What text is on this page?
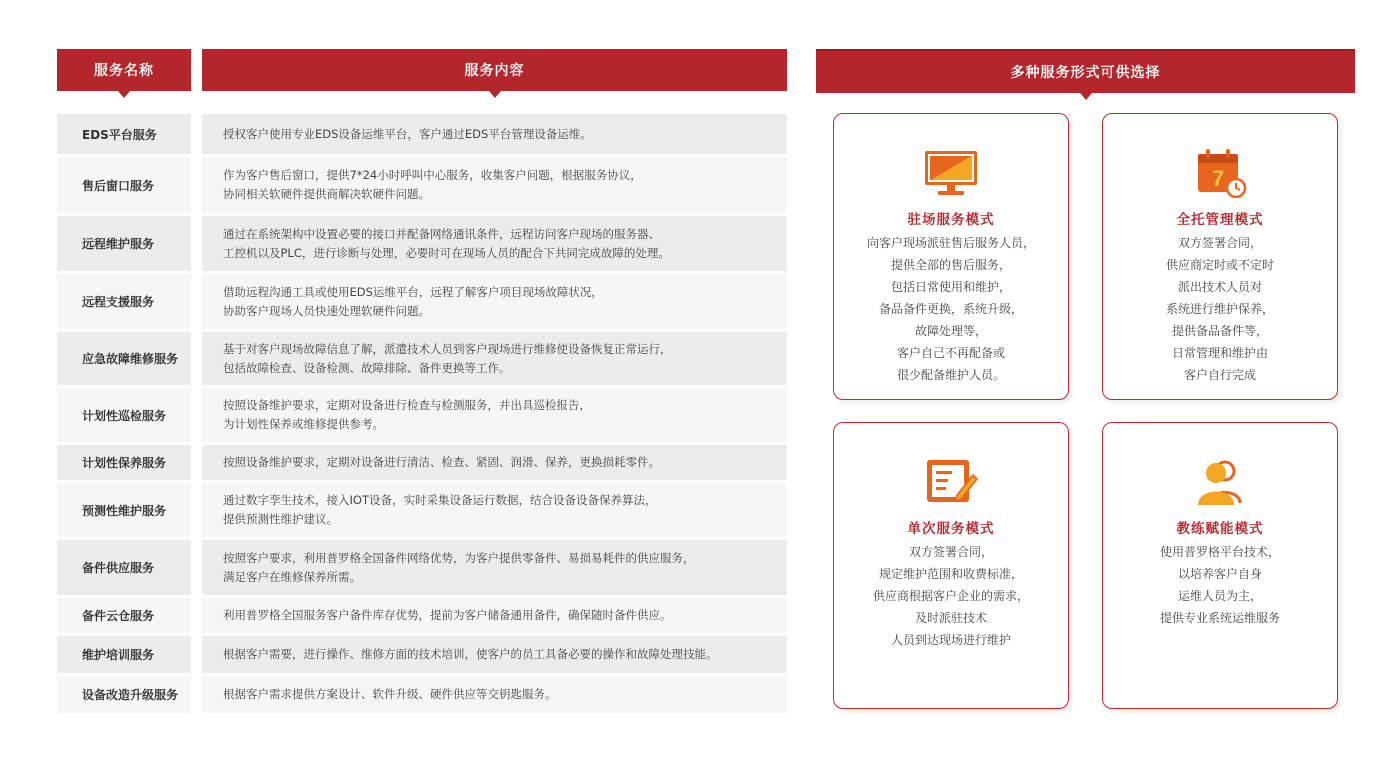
服务名称	服务内容	多种服务形式可供选择
EDS平台服务
售后窗口服务
远程维护服务
远程支援服务
应急故障维修服务
计划性巡检服务
计划性保养服务
预测性维护服务
备件供应服务
备件云仓服务
维护培训服务
设备改造升级服务
授权客户使用专业EDS设备运维平台，客户通过EDS平台管理设备运维。
作为客户售后窗口，提供7*24小时呼叫中心服务，收集客户问题，根据服务协议，
协同相关软硬件提供商解决软硬件问题。
通过在系统架构中设置必要的接口并配备网络通讯条件，远程访问客户现场的服务器、
工控机以及PLC，进行诊断与处理，必要时可在现场人员的配合下共同完成故障的处理。
借助远程沟通工具或使用EDS运维平台，远程了解客户项目现场故障状况，
协助客户现场人员快速处理软硬件问题。
基于对客户现场故障信息了解，派遣技术人员到客户现场进行维修使设备恢复正常运行，
包括故障检查、设备检测、故障排除、备件更换等工作。
按照设备维护要求，定期对设备进行检查与检测服务，并出具巡检报告，
为计划性保养或维修提供参考。
按照设备维护要求，定期对设备进行清洁、检查、紧固、润滑、保养，更换损耗零件。
通过数字孪生技术，接入IOT设备，实时采集设备运行数据，结合设备设备保养算法，
提供预测性维护建议。
按照客户要求，利用普罗格全国备件网络优势，为客户提供零备件、易损易耗件的供应服务，
满足客户在维修保养所需。
利用普罗格全国服务客户备件库存优势，提前为客户储备通用备件，确保随时备件供应。
根据客户需要，进行操作、维修方面的技术培训，使客户的员工具备必要的操作和故障处理技能。
根据客户需求提供方案设计、软件升级、硬件供应等交钥匙服务。
驻场服务模式
向客户现场派驻售后服务人员，
提供全部的售后服务，
包括日常使用和维护，
备品备件更换，系统升级，
故障处理等，
客户自己不再配备或
很少配备维护人员。
7
全托管理模式
双方签署合同，
供应商定时或不定时
派出技术人员对
系统进行维护保养，
提供备品备件等，
日常管理和维护由
客户自行完成
单次服务模式
双方签署合同，
规定维护范围和收费标准，
供应商根据客户企业的需求，
及时派驻技术
人员到达现场进行维护
教练赋能模式
使用普罗格平台技术，
以培养客户自身
运维人员为主，
提供专业系统运维服务
